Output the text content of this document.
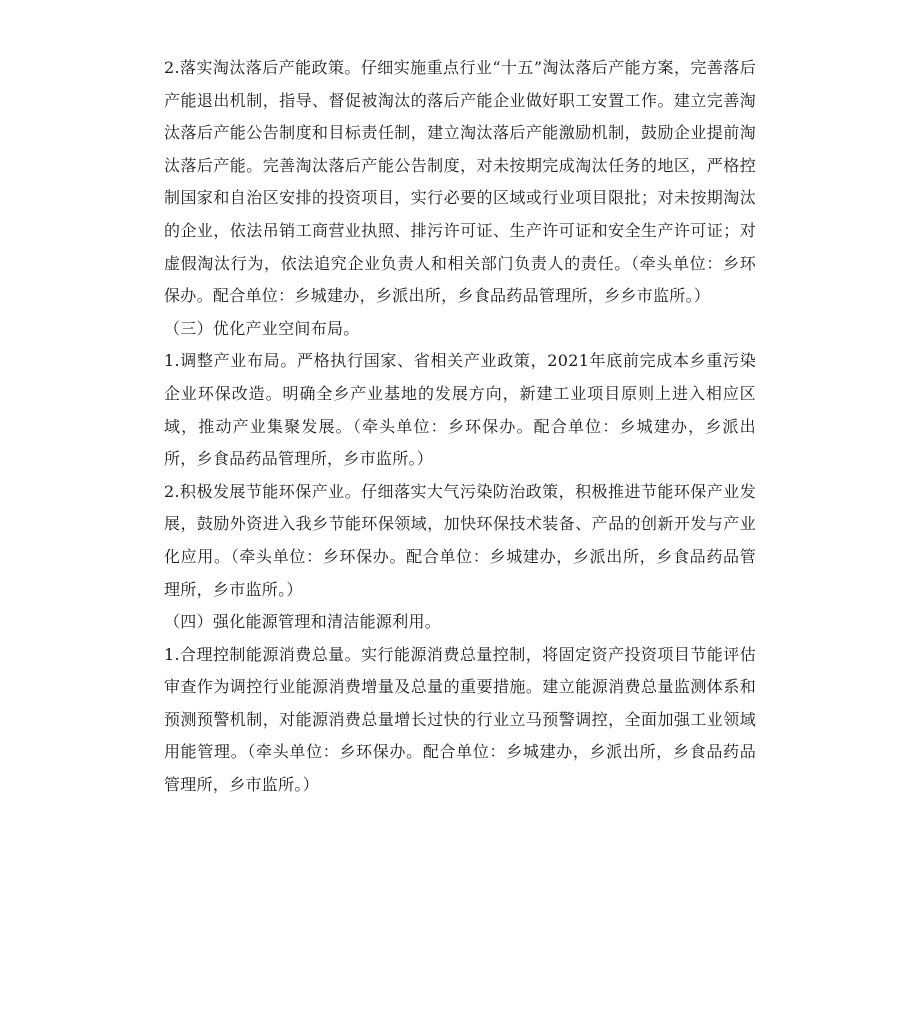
2.落实淘汰落后产能政策。仔细实施重点行业“十五”淘汰落后产能方案，完善落后产能退出机制，指导、督促被淘汰的落后产能企业做好职工安置工作。建立完善淘汰落后产能公告制度和目标责任制，建立淘汰落后产能激励机制，鼓励企业提前淘汰落后产能。完善淘汰落后产能公告制度，对未按期完成淘汰任务的地区，严格控制国家和自治区安排的投资项目，实行必要的区域或行业项目限批；对未按期淘汰的企业，依法吊销工商营业执照、排污许可证、生产许可证和安全生产许可证；对虚假淘汰行为，依法追究企业负责人和相关部门负责人的责任。（牵头单位：乡环保办。配合单位：乡城建办，乡派出所，乡食品药品管理所，乡乡市监所。）

（三）优化产业空间布局。

1.调整产业布局。严格执行国家、省相关产业政策，2021年底前完成本乡重污染企业环保改造。明确全乡产业基地的发展方向，新建工业项目原则上进入相应区域，推动产业集聚发展。（牵头单位：乡环保办。配合单位：乡城建办，乡派出所，乡食品药品管理所，乡市监所。）

2.积极发展节能环保产业。仔细落实大气污染防治政策，积极推进节能环保产业发展，鼓励外资进入我乡节能环保领域，加快环保技术装备、产品的创新开发与产业化应用。（牵头单位：乡环保办。配合单位：乡城建办，乡派出所，乡食品药品管理所，乡市监所。）

（四）强化能源管理和清洁能源利用。

1.合理控制能源消费总量。实行能源消费总量控制，将固定资产投资项目节能评估审查作为调控行业能源消费增量及总量的重要措施。建立能源消费总量监测体系和预测预警机制，对能源消费总量增长过快的行业立马预警调控，全面加强工业领域用能管理。（牵头单位：乡环保办。配合单位：乡城建办，乡派出所，乡食品药品管理所，乡市监所。）
